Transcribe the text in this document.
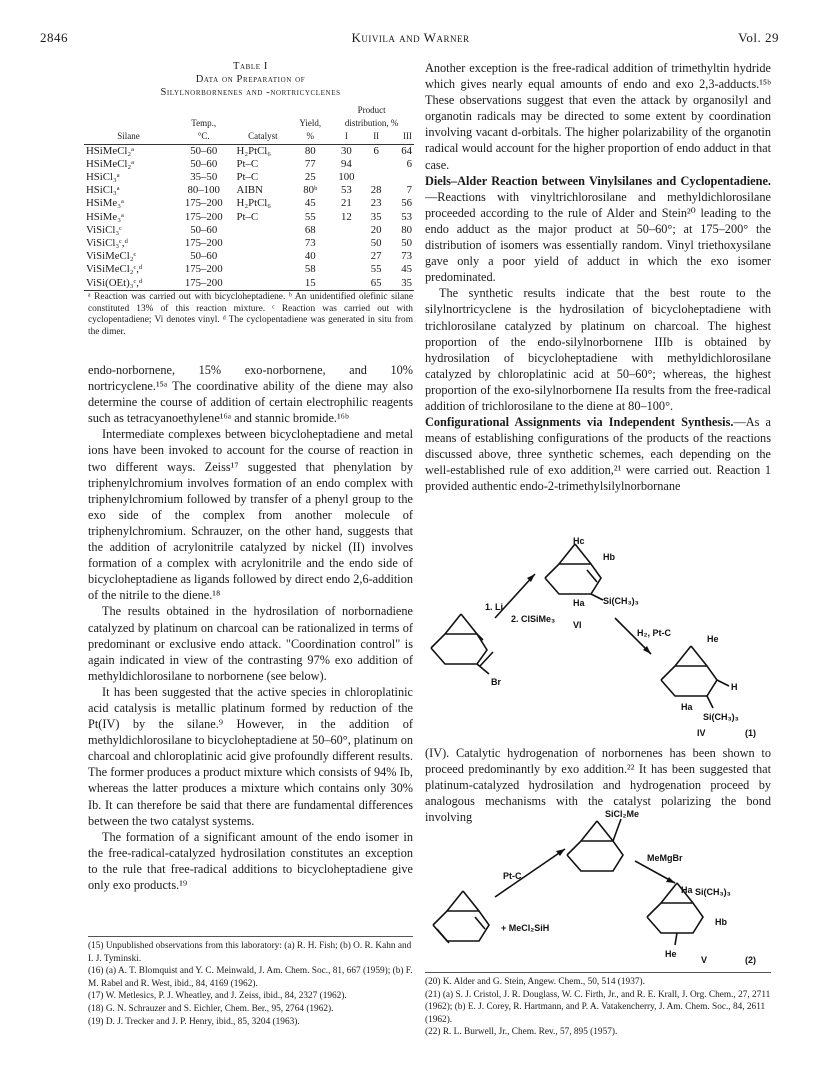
2846	Kuivila and Warner	Vol. 29
Table I
Data on Preparation of
Silylnorbornenes and -nortricyclenes
				Product		
	Temp.,		Yield,	distribution, %		
Silane	°C.	Catalyst	%	I	II	III

HSiMeCl₂ᵃ	50–60	H₂PtCl₆	80	30	6	64
HSiMeCl₂ᵃ	50–60	Pt–C	77	94		6
HSiCl₃ᵃ	35–50	Pt–C	25	100		
HSiCl₃ᵃ	80–100	AIBN	80ᵇ	53	28	7
HSiMe₃ᵃ	175–200	H₂PtCl₆	45	21	23	56
HSiMe₃ᵃ	175–200	Pt–C	55	12	35	53
ViSiCl₃ᶜ	50–60		68		20	80
ViSiCl₃ᶜ,ᵈ	175–200		73		50	50
ViSiMeCl₂ᶜ	50–60		40		27	73
ViSiMeCl₂ᶜ,ᵈ	175–200		58		55	45
ViSi(OEt)₃ᶜ,ᵈ	175–200		15		65	35

ᵃ Reaction was carried out with bicycloheptadiene. ᵇ An unidentified olefinic silane constituted 13% of this reaction mixture. ᶜ Reaction was carried out with cyclopentadiene; Vi denotes vinyl. ᵈ The cyclopentadiene was generated in situ from the dimer.

endo-norbornene, 15% exo-norbornene, and 10% nortricyclene.¹⁵ᵃ The coordinative ability of the diene may also determine the course of addition of certain electrophilic reagents such as tetracyanoethylene¹⁶ᵃ and stannic bromide.¹⁶ᵇ

Intermediate complexes between bicycloheptadiene and metal ions have been invoked to account for the course of reaction in two different ways. Zeiss¹⁷ suggested that phenylation by triphenylchromium involves formation of an endo complex with triphenylchromium followed by transfer of a phenyl group to the exo side of the complex from another molecule of triphenylchromium. Schrauzer, on the other hand, suggests that the addition of acrylonitrile catalyzed by nickel (II) involves formation of a complex with acrylonitrile and the endo side of bicycloheptadiene as ligands followed by direct endo 2,6-addition of the nitrile to the diene.¹⁸

The results obtained in the hydrosilation of norbornadiene catalyzed by platinum on charcoal can be rationalized in terms of predominant or exclusive endo attack. "Coordination control" is again indicated in view of the contrasting 97% exo addition of methyldichlorosilane to norbornene (see below).

It has been suggested that the active species in chloroplatinic acid catalysis is metallic platinum formed by reduction of the Pt(IV) by the silane.⁹ However, in the addition of methyldichlorosilane to bicycloheptadiene at 50–60°, platinum on charcoal and chloroplatinic acid give profoundly different results. The former produces a product mixture which consists of 94% Ib, whereas the latter produces a mixture which contains only 30% Ib. It can therefore be said that there are fundamental differences between the two catalyst systems.

The formation of a significant amount of the endo isomer in the free-radical-catalyzed hydrosilation constitutes an exception to the rule that free-radical additions to bicycloheptadiene give only exo products.¹⁹

(15) Unpublished observations from this laboratory: (a) R. H. Fish; (b) O. R. Kahn and I. J. Tyminski.
(16) (a) A. T. Blomquist and Y. C. Meinwald, J. Am. Chem. Soc., 81, 667 (1959); (b) F. M. Rabel and R. West, ibid., 84, 4169 (1962).
(17) W. Metlesics, P. J. Wheatley, and J. Zeiss, ibid., 84, 2327 (1962).
(18) G. N. Schrauzer and S. Eichler, Chem. Ber., 95, 2764 (1962).
(19) D. J. Trecker and J. P. Henry, ibid., 85, 3204 (1963).

Another exception is the free-radical addition of trimethyltin hydride which gives nearly equal amounts of endo and exo 2,3-adducts.¹⁵ᵇ These observations suggest that even the attack by organosilyl and organotin radicals may be directed to some extent by coordination involving vacant d-orbitals. The higher polarizability of the organotin radical would account for the higher proportion of endo adduct in that case.

Diels–Alder Reaction between Vinylsilanes and Cyclopentadiene.—Reactions with vinyltrichlorosilane and methyldichlorosilane proceeded according to the rule of Alder and Stein²⁰ leading to the endo adduct as the major product at 50–60°; at 175–200° the distribution of isomers was essentially random. Vinyl triethoxysilane gave only a poor yield of adduct in which the exo isomer predominated.

The synthetic results indicate that the best route to the silylnortricyclene is the hydrosilation of bicycloheptadiene with trichlorosilane catalyzed by platinum on charcoal. The highest proportion of the endo-silylnorbornene IIIb is obtained by hydrosilation of bicycloheptadiene with methyldichlorosilane catalyzed by chloroplatinic acid at 50–60°; whereas, the highest proportion of the exo-silylnorbornene IIa results from the free-radical addition of trichlorosilane to the diene at 80–100°.

Configurational Assignments via Independent Synthesis.—As a means of establishing configurations of the products of the reactions discussed above, three synthetic schemes, each depending on the well-established rule of exo addition,²¹ were carried out. Reaction 1 provided authentic endo-2-trimethylsilylnorbornane

Br
1. Li
2. ClSiMe₃
Hc
Hb
Ha Si(CH₃)₃
VI
H₂, Pt-C
He
H
Ha
Si(CH₃)₃
IV	(1)

(IV). Catalytic hydrogenation of norbornenes has been shown to proceed predominantly by exo addition.²² It has been suggested that platinum-catalyzed hydrosilation and hydrogenation proceed by analogous mechanisms with the catalyst polarizing the bond involving

+ MeCl₂SiH
Pt-C
SiCl₂Me
MeMgBr
Ha Si(CH₃)₃
Hb
He
V	(2)
(20) K. Alder and G. Stein, Angew. Chem., 50, 514 (1937).
(21) (a) S. J. Cristol, J. R. Douglass, W. C. Firth, Jr., and R. E. Krall, J. Org. Chem., 27, 2711 (1962); (b) E. J. Corey, R. Hartmann, and P. A. Vatakencherry, J. Am. Chem. Soc., 84, 2611 (1962).
(22) R. L. Burwell, Jr., Chem. Rev., 57, 895 (1957).
